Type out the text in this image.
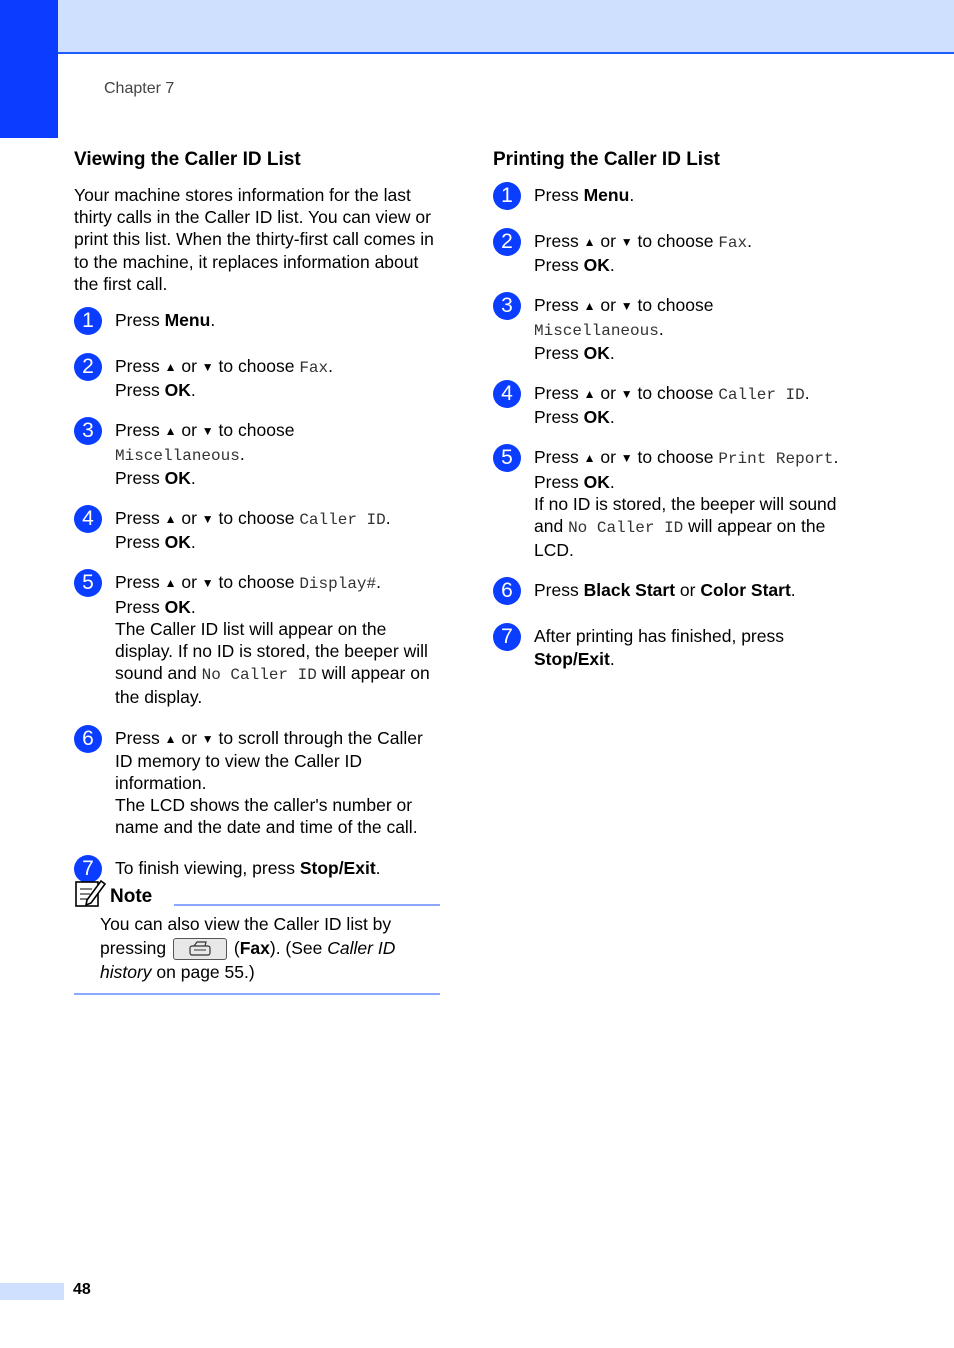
Chapter 7
Viewing the Caller ID List

Your machine stores information for the last thirty calls in the Caller ID list. You can view or print this list. When the thirty-first call comes in to the machine, it replaces information about the first call.

1	Press Menu.
2	Press ▲ or ▼ to choose Fax.
Press OK.
3	Press ▲ or ▼ to choose
Miscellaneous.
Press OK.
4	Press ▲ or ▼ to choose Caller ID.
Press OK.
5	Press ▲ or ▼ to choose Display#.
Press OK.
The Caller ID list will appear on the display. If no ID is stored, the beeper will sound and No Caller ID will appear on the display.
6	Press ▲ or ▼ to scroll through the Caller ID memory to view the Caller ID information.
The LCD shows the caller's number or name and the date and time of the call.
7	To finish viewing, press Stop/Exit.
Note
You can also view the Caller ID list by pressing	(Fax). (See Caller ID history on page 55.)
Printing the Caller ID List
1	Press Menu.
2	Press ▲ or ▼ to choose Fax.
Press OK.
3	Press ▲ or ▼ to choose
Miscellaneous.
Press OK.
4	Press ▲ or ▼ to choose Caller ID.
Press OK.
5	Press ▲ or ▼ to choose Print Report.
Press OK.
If no ID is stored, the beeper will sound and No Caller ID will appear on the LCD.
6	Press Black Start or Color Start.
7	After printing has finished, press Stop/Exit.
48
